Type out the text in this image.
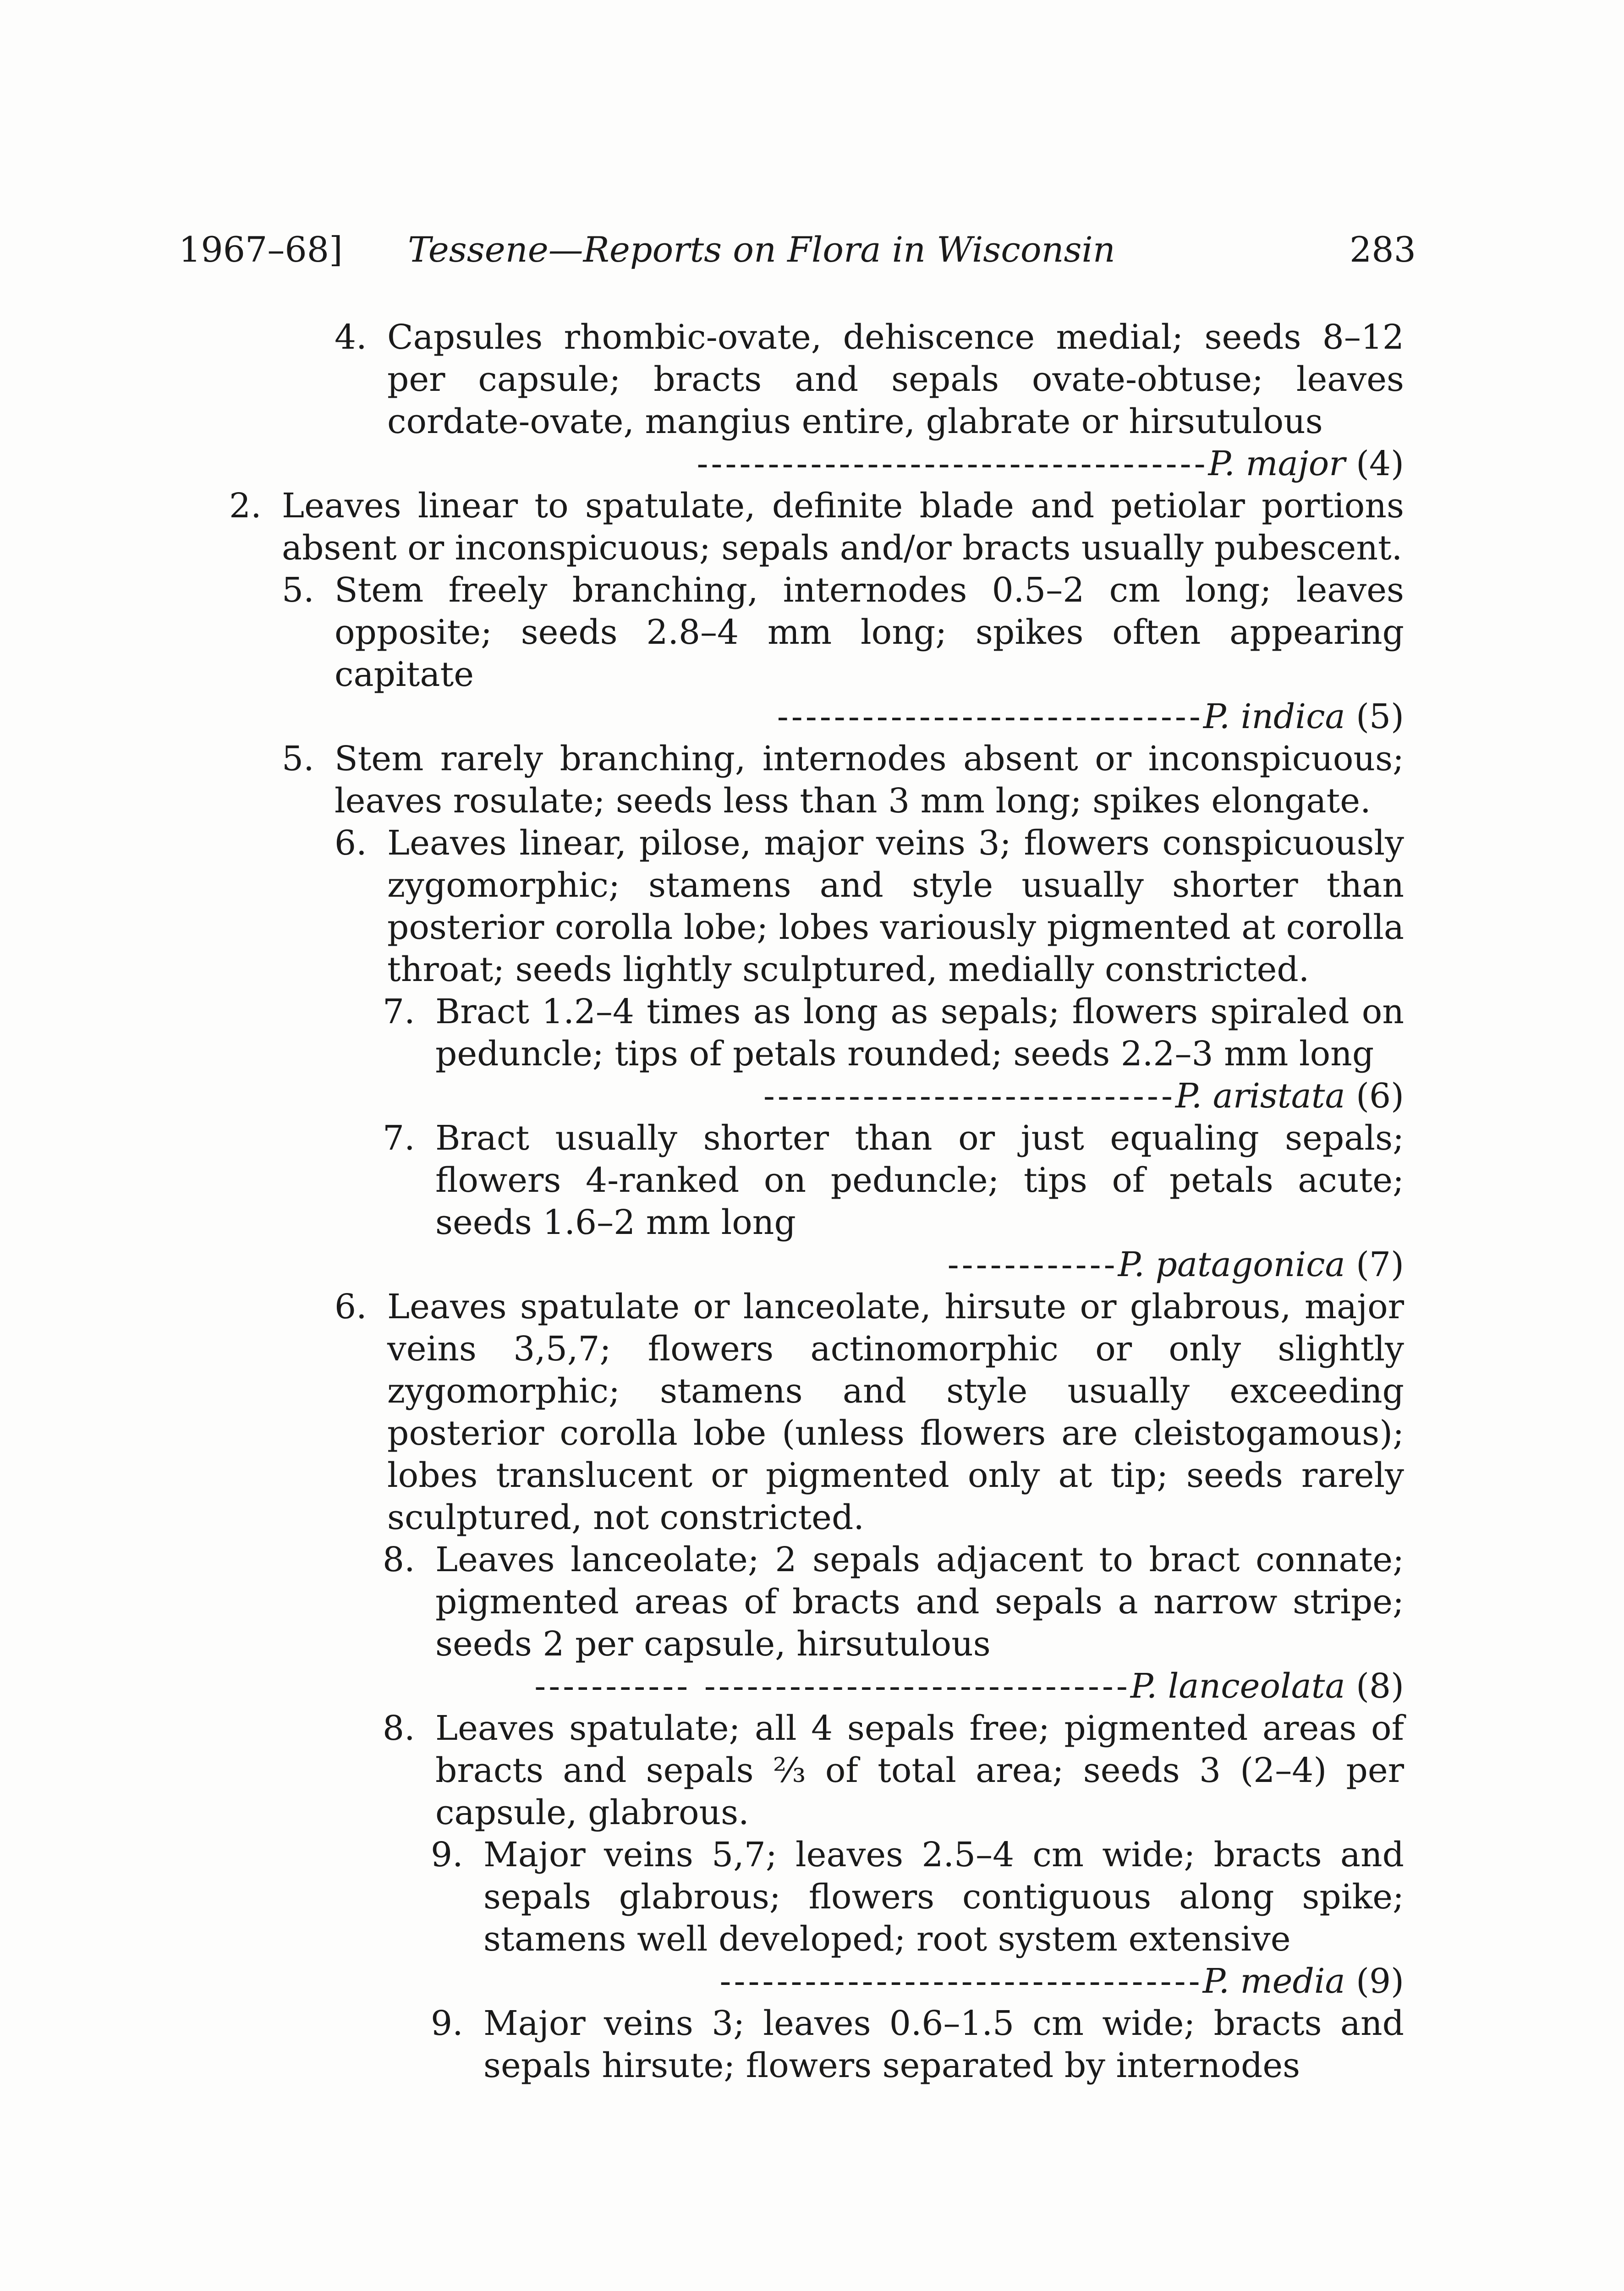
1967–68] Tessene—Reports on Flora in Wisconsin	283
4. Capsules rhombic-ovate, dehiscence medial; seeds 8–12 per capsule; bracts and sepals ovate-obtuse; leaves cordate-ovate, mangius entire, glabrate or hirsutulous
------------------------------------P. major (4)
2. Leaves linear to spatulate, definite blade and petiolar portions absent or inconspicuous; sepals and/or bracts usually pubescent.
5. Stem freely branching, internodes 0.5–2 cm long; leaves opposite; seeds 2.8–4 mm long; spikes often appearing capitate
------------------------------P. indica (5)
5. Stem rarely branching, internodes absent or inconspicuous; leaves rosulate; seeds less than 3 mm long; spikes elongate.
6. Leaves linear, pilose, major veins 3; flowers conspicuously zygomorphic; stamens and style usually shorter than posterior corolla lobe; lobes variously pigmented at corolla throat; seeds lightly sculptured, medially constricted.
7. Bract 1.2–4 times as long as sepals; flowers spiraled on peduncle; tips of petals rounded; seeds 2.2–3 mm long
-----------------------------P. aristata (6)
7. Bract usually shorter than or just equaling sepals; flowers 4-ranked on peduncle; tips of petals acute; seeds 1.6–2 mm long
------------P. patagonica (7)
6. Leaves spatulate or lanceolate, hirsute or glabrous, major veins 3,5,7; flowers actinomorphic or only slightly zygomorphic; stamens and style usually exceeding posterior corolla lobe (unless flowers are cleistogamous); lobes translucent or pigmented only at tip; seeds rarely sculptured, not constricted.
8. Leaves lanceolate; 2 sepals adjacent to bract connate; pigmented areas of bracts and sepals a narrow stripe; seeds 2 per capsule, hirsutulous
----------- ------------------------------P. lanceolata (8)
8. Leaves spatulate; all 4 sepals free; pigmented areas of bracts and sepals ⅔ of total area; seeds 3 (2–4) per capsule, glabrous.
9. Major veins 5,7; leaves 2.5–4 cm wide; bracts and sepals glabrous; flowers contiguous along spike; stamens well developed; root system extensive
----------------------------------P. media (9)
9. Major veins 3; leaves 0.6–1.5 cm wide; bracts and sepals hirsute; flowers separated by internodes
